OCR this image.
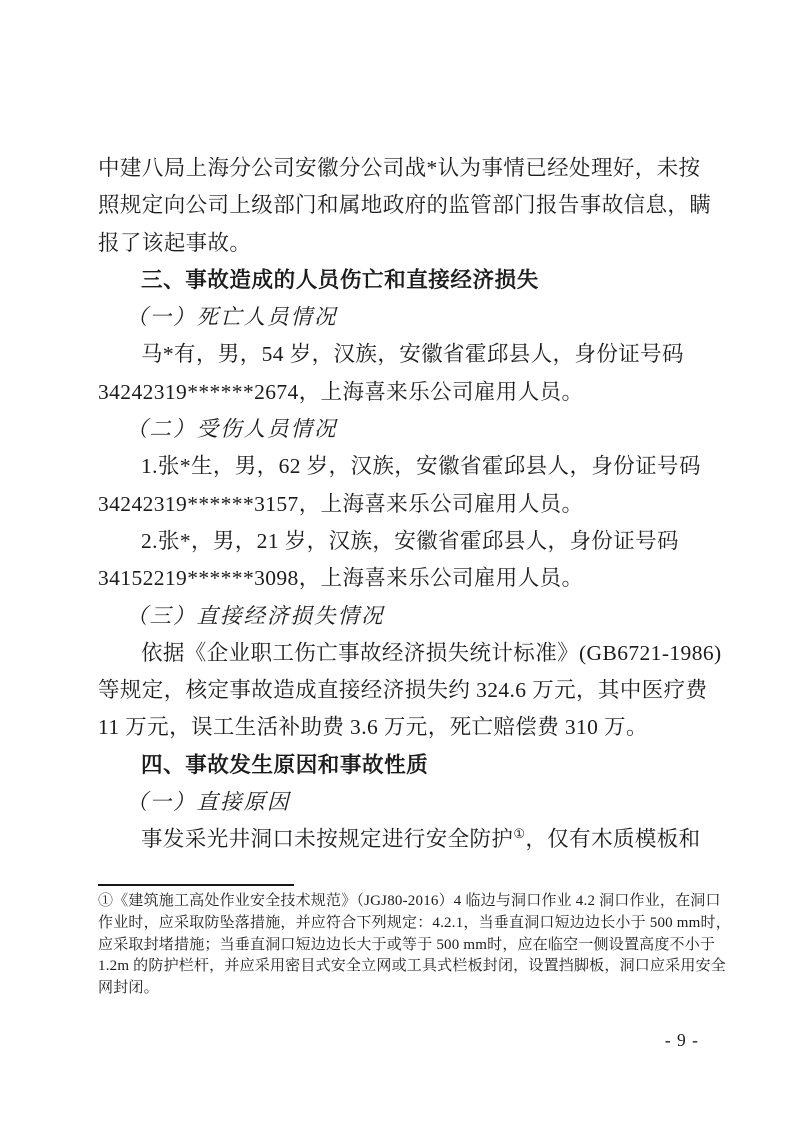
中建八局上海分公司安徽分公司战*认为事情已经处理好，未按
照规定向公司上级部门和属地政府的监管部门报告事故信息，瞒
报了该起事故。
三、事故造成的人员伤亡和直接经济损失
（一）死亡人员情况
马*有，男，54 岁，汉族，安徽省霍邱县人，身份证号码
34242319******2674，上海喜来乐公司雇用人员。
（二）受伤人员情况
1.张*生，男，62 岁，汉族，安徽省霍邱县人，身份证号码
34242319******3157，上海喜来乐公司雇用人员。
2.张*，男，21 岁，汉族，安徽省霍邱县人，身份证号码
34152219******3098，上海喜来乐公司雇用人员。
（三）直接经济损失情况
依据《企业职工伤亡事故经济损失统计标准》(GB6721-1986)
等规定，核定事故造成直接经济损失约 324.6 万元，其中医疗费
11 万元，误工生活补助费 3.6 万元，死亡赔偿费 310 万。
四、事故发生原因和事故性质
（一）直接原因
事发采光井洞口未按规定进行安全防护①，仅有木质模板和
①《建筑施工高处作业安全技术规范》（JGJ80-2016）4 临边与洞口作业 4.2 洞口作业，在洞口
作业时，应采取防坠落措施，并应符合下列规定：4.2.1，当垂直洞口短边边长小于 500 mm时，
应采取封堵措施；当垂直洞口短边边长大于或等于 500 mm时，应在临空一侧设置高度不小于
1.2m 的防护栏杆，并应采用密目式安全立网或工具式栏板封闭，设置挡脚板，洞口应采用安全
网封闭。
- 9 -
